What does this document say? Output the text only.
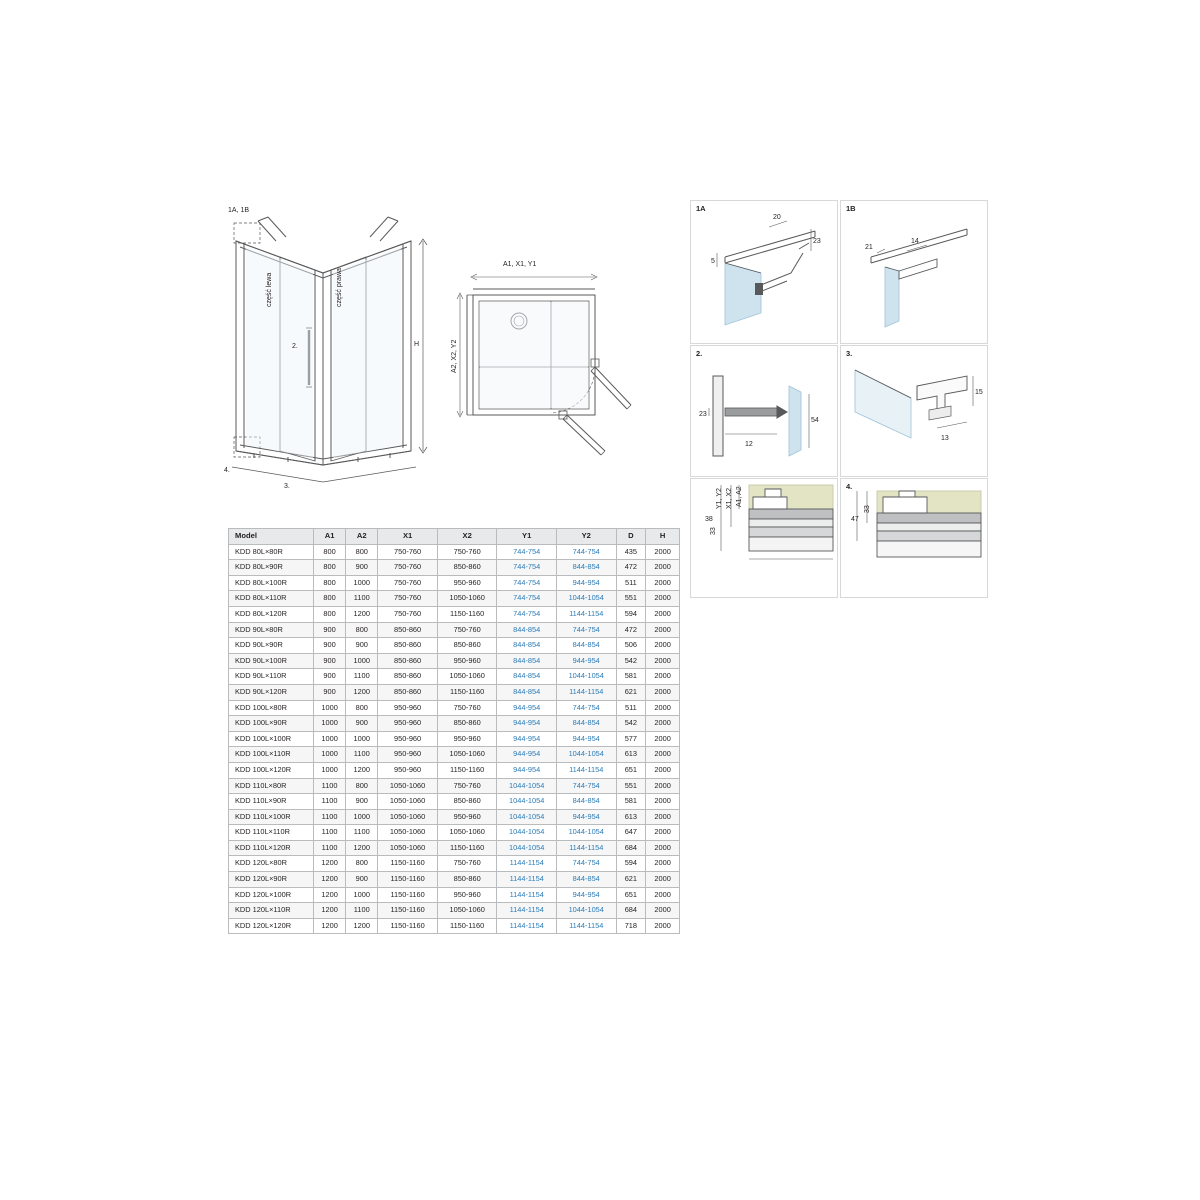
1A, 1B
2.
3.
4.
część lewa	część prawa
H
A1, X1, Y1
A2, X2, Y2
1A
5
20
23
1B
21
14
2.
23
12
54
3.
13
15
33
38
A1, A2
X1, X2
Y1, Y2
4.
33
47
Model	A1	A2	X1	X2	Y1	Y2	D	H
KDD 80L×80R	800	800	750-760	750-760	744-754	744-754	435	2000
KDD 80L×90R	800	900	750-760	850-860	744-754	844-854	472	2000
KDD 80L×100R	800	1000	750-760	950-960	744-754	944-954	511	2000
KDD 80L×110R	800	1100	750-760	1050-1060	744-754	1044-1054	551	2000
KDD 80L×120R	800	1200	750-760	1150-1160	744-754	1144-1154	594	2000
KDD 90L×80R	900	800	850-860	750-760	844-854	744-754	472	2000
KDD 90L×90R	900	900	850-860	850-860	844-854	844-854	506	2000
KDD 90L×100R	900	1000	850-860	950-960	844-854	944-954	542	2000
KDD 90L×110R	900	1100	850-860	1050-1060	844-854	1044-1054	581	2000
KDD 90L×120R	900	1200	850-860	1150-1160	844-854	1144-1154	621	2000
KDD 100L×80R	1000	800	950-960	750-760	944-954	744-754	511	2000
KDD 100L×90R	1000	900	950-960	850-860	944-954	844-854	542	2000
KDD 100L×100R	1000	1000	950-960	950-960	944-954	944-954	577	2000
KDD 100L×110R	1000	1100	950-960	1050-1060	944-954	1044-1054	613	2000
KDD 100L×120R	1000	1200	950-960	1150-1160	944-954	1144-1154	651	2000
KDD 110L×80R	1100	800	1050-1060	750-760	1044-1054	744-754	551	2000
KDD 110L×90R	1100	900	1050-1060	850-860	1044-1054	844-854	581	2000
KDD 110L×100R	1100	1000	1050-1060	950-960	1044-1054	944-954	613	2000
KDD 110L×110R	1100	1100	1050-1060	1050-1060	1044-1054	1044-1054	647	2000
KDD 110L×120R	1100	1200	1050-1060	1150-1160	1044-1054	1144-1154	684	2000
KDD 120L×80R	1200	800	1150-1160	750-760	1144-1154	744-754	594	2000
KDD 120L×90R	1200	900	1150-1160	850-860	1144-1154	844-854	621	2000
KDD 120L×100R	1200	1000	1150-1160	950-960	1144-1154	944-954	651	2000
KDD 120L×110R	1200	1100	1150-1160	1050-1060	1144-1154	1044-1054	684	2000
KDD 120L×120R	1200	1200	1150-1160	1150-1160	1144-1154	1144-1154	718	2000
